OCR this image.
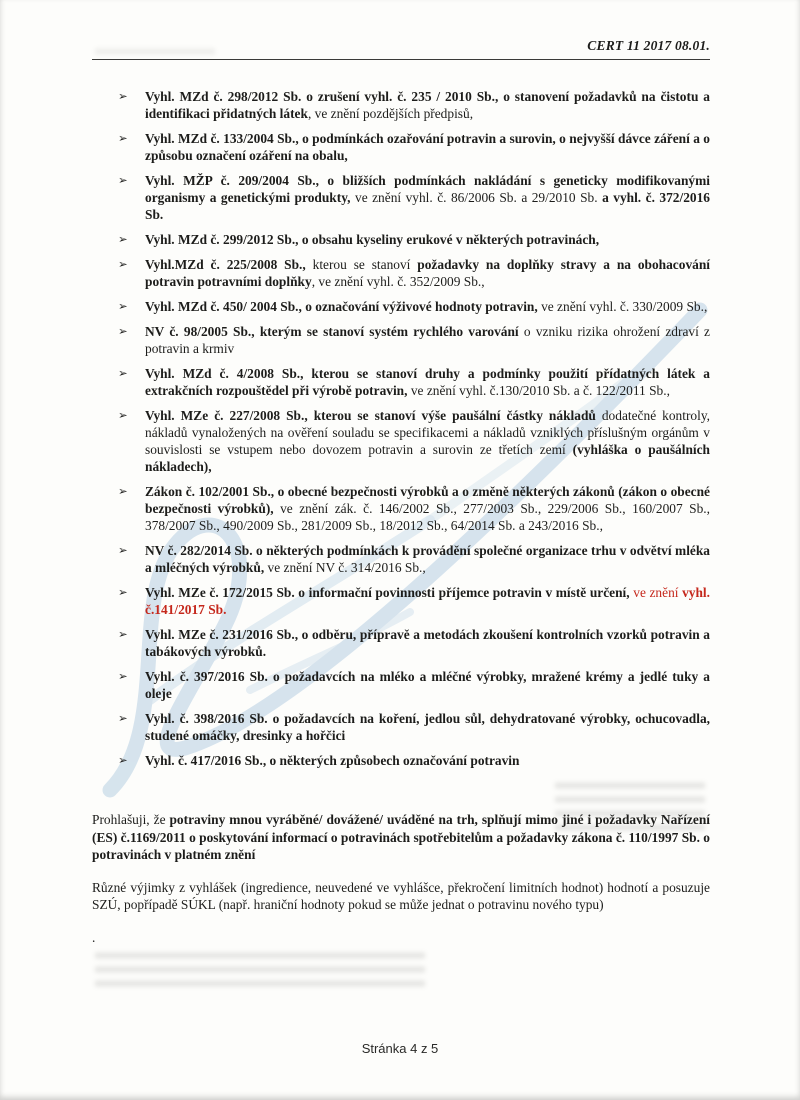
CERT 11 2017 08.01.
➢	Vyhl. MZd č. 298/2012 Sb. o zrušení vyhl. č. 235 / 2010 Sb., o stanovení požadavků na čistotu a identifikaci přidatných látek, ve znění pozdějších předpisů,
➢	Vyhl. MZd č. 133/2004 Sb., o podmínkách ozařování potravin a surovin, o nejvyšší dávce záření a o způsobu označení ozáření na obalu,
➢	Vyhl. MŽP č. 209/2004 Sb., o bližších podmínkách nakládání s geneticky modifikovanými organismy a genetickými produkty, ve znění vyhl. č. 86/2006 Sb. a 29/2010 Sb. a vyhl. č. 372/2016 Sb.
➢	Vyhl. MZd č. 299/2012 Sb., o obsahu kyseliny erukové v některých potravinách,
➢	Vyhl.MZd č. 225/2008 Sb., kterou se stanoví požadavky na doplňky stravy a na obohacování potravin potravními doplňky, ve znění vyhl. č. 352/2009 Sb.,
➢	Vyhl. MZd č. 450/ 2004 Sb., o označování výživové hodnoty potravin, ve znění vyhl. č. 330/2009 Sb.,
➢	NV č. 98/2005 Sb., kterým se stanoví systém rychlého varování o vzniku rizika ohrožení zdraví z potravin a krmiv
➢	Vyhl. MZd č. 4/2008 Sb., kterou se stanoví druhy a podmínky použití přídatných látek a extrakčních rozpouštědel při výrobě potravin, ve znění vyhl. č.130/2010 Sb. a č. 122/2011 Sb.,
➢	Vyhl. MZe č. 227/2008 Sb., kterou se stanoví výše paušální částky nákladů dodatečné kontroly, nákladů vynaložených na ověření souladu se specifikacemi a nákladů vzniklých příslušným orgánům v souvislosti se vstupem nebo dovozem potravin a surovin ze třetích zemí (vyhláška o paušálních nákladech),
➢	Zákon č. 102/2001 Sb., o obecné bezpečnosti výrobků a o změně některých zákonů (zákon o obecné bezpečnosti výrobků), ve znění zák. č. 146/2002 Sb., 277/2003 Sb., 229/2006 Sb., 160/2007 Sb., 378/2007 Sb., 490/2009 Sb., 281/2009 Sb., 18/2012 Sb., 64/2014 Sb. a 243/2016 Sb.,
➢	NV č. 282/2014 Sb. o některých podmínkách k provádění společné organizace trhu v odvětví mléka a mléčných výrobků, ve znění NV č. 314/2016 Sb.,
➢	Vyhl. MZe č. 172/2015 Sb. o informační povinnosti příjemce potravin v místě určení, ve znění vyhl. č.141/2017 Sb.
➢	Vyhl. MZe č. 231/2016 Sb., o odběru, přípravě a metodách zkoušení kontrolních vzorků potravin a tabákových výrobků.
➢	Vyhl. č. 397/2016 Sb. o požadavcích na mléko a mléčné výrobky, mražené krémy a jedlé tuky a oleje
➢	Vyhl. č. 398/2016 Sb. o požadavcích na koření, jedlou sůl, dehydratované výrobky, ochucovadla, studené omáčky, dresinky a hořčici
➢	Vyhl. č. 417/2016 Sb., o některých způsobech označování potravin

Prohlašuji, že potraviny mnou vyráběné/ dovážené/ uváděné na trh, splňují mimo jiné i požadavky Nařízení (ES) č.1169/2011 o poskytování informací o potravinách spotřebitelům a požadavky zákona č. 110/1997 Sb. o potravinách v platném znění

Různé výjimky z vyhlášek (ingredience, neuvedené ve vyhlášce, překročení limitních hodnot) hodnotí a posuzuje SZÚ, popřípadě SÚKL (např. hraniční hodnoty pokud se může jednat o potravinu nového typu)

.

Stránka 4 z 5
